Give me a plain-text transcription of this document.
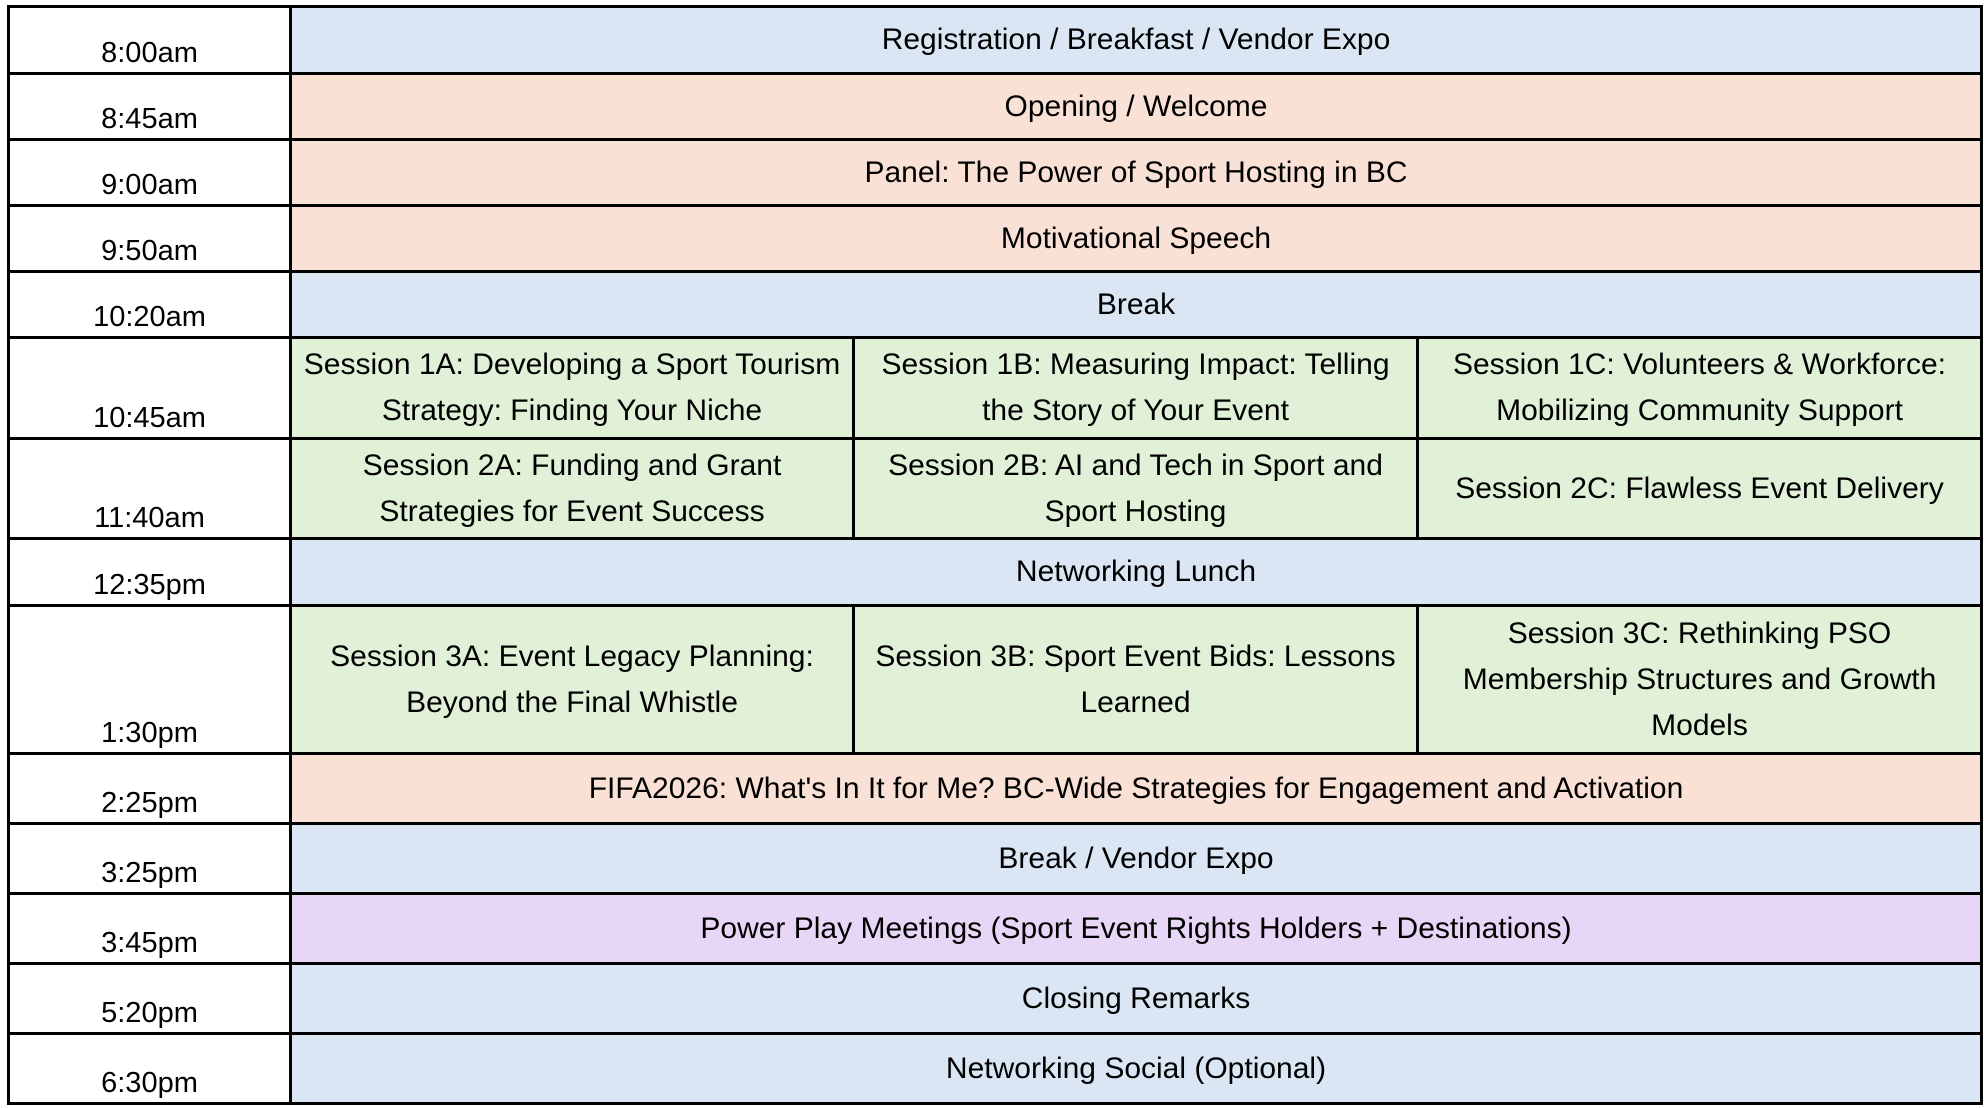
8:00am	Registration / Breakfast / Vendor Expo		
8:45am	Opening / Welcome		
9:00am	Panel: The Power of Sport Hosting in BC		
9:50am	Motivational Speech		
10:20am	Break		
10:45am	Session 1A: Developing a Sport Tourism Strategy: Finding Your Niche	Session 1B: Measuring Impact: Telling the Story of Your Event	Session 1C: Volunteers & Workforce: Mobilizing Community Support
11:40am	Session 2A: Funding and Grant Strategies for Event Success	Session 2B: AI and Tech in Sport and Sport Hosting	Session 2C: Flawless Event Delivery
12:35pm	Networking Lunch		
1:30pm	Session 3A: Event Legacy Planning: Beyond the Final Whistle	Session 3B: Sport Event Bids: Lessons Learned	Session 3C: Rethinking PSO Membership Structures and Growth Models
2:25pm	FIFA2026: What's In It for Me? BC-Wide Strategies for Engagement and Activation		
3:25pm	Break / Vendor Expo		
3:45pm	Power Play Meetings (Sport Event Rights Holders + Destinations)		
5:20pm	Closing Remarks		
6:30pm	Networking Social (Optional)		
